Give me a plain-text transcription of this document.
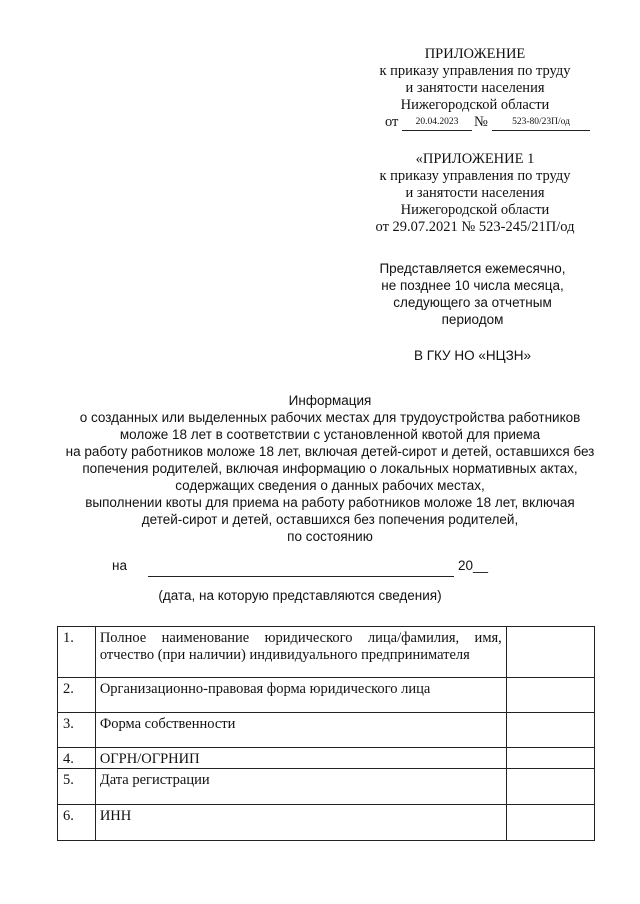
ПРИЛОЖЕНИЕ
к приказу управления по труду
и занятости населения
Нижегородской области
от	20.04.2023	№	523-80/23П/од
«ПРИЛОЖЕНИЕ 1
к приказу управления по труду
и занятости населения
Нижегородской области
от 29.07.2021 № 523-245/21П/од
Представляется ежемесячно,
не позднее 10 числа месяца,
следующего за отчетным
периодом
В ГКУ НО «НЦЗН»
Информация
о созданных или выделенных рабочих местах для трудоустройства работников
моложе 18 лет в соответствии с установленной квотой для приема
на работу работников моложе 18 лет, включая детей-сирот и детей, оставшихся без
попечения родителей, включая информацию о локальных нормативных актах,
содержащих сведения о данных рабочих местах,
выполнении квоты для приема на работу работников моложе 18 лет, включая
детей-сирот и детей, оставшихся без попечения родителей,
по состоянию
на	20__
(дата, на которую представляются сведения)
1.	Полное наименование юридического лица/фамилия, имя, отчество (при наличии) индивидуального предпринимателя	
2.	Организационно-правовая форма юридического лица	
3.	Форма собственности	
4.	ОГРН/ОГРНИП	
5.	Дата регистрации	
6.	ИНН	
